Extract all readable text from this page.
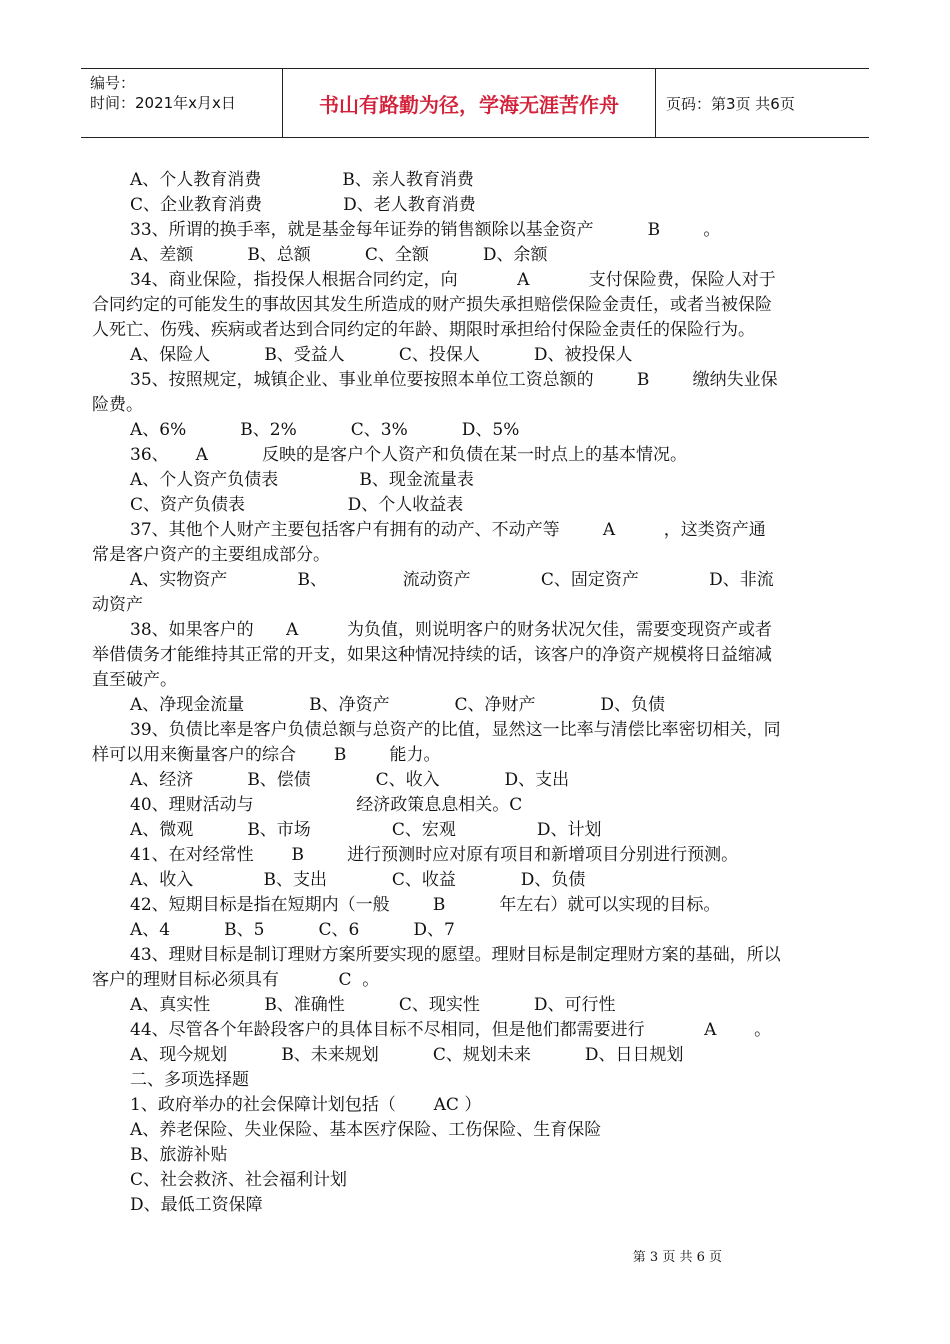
编号：
时间：2021年x月x日	书山有路勤为径，学海无涯苦作舟	页码：第3页 共6页
A、个人教育消费               B、亲人教育消费
C、企业教育消费               D、老人教育消费
33、所谓的换手率，就是基金每年证券的销售额除以基金资产          B        。
A、差额          B、总额          C、全额          D、余额
34、商业保险，指投保人根据合同约定，向           A           支付保险费，保险人对于
合同约定的可能发生的事故因其发生所造成的财产损失承担赔偿保险金责任，或者当被保险
人死亡、伤残、疾病或者达到合同约定的年龄、期限时承担给付保险金责任的保险行为。
A、保险人          B、受益人          C、投保人          D、被投保人
35、按照规定，城镇企业、事业单位要按照本单位工资总额的        B        缴纳失业保
险费。
A、6%          B、2%          C、3%          D、5%
36、     A          反映的是客户个人资产和负债在某一时点上的基本情况。
A、个人资产负债表               B、现金流量表
C、资产负债表                   D、个人收益表
37、其他个人财产主要包括客户有拥有的动产、不动产等        A         ，这类资产通
常是客户资产的主要组成部分。
A、实物资产             B、              流动资产             C、固定资产             D、非流
动资产
38、如果客户的      A         为负值，则说明客户的财务状况欠佳，需要变现资产或者
举借债务才能维持其正常的开支，如果这种情况持续的话，该客户的净资产规模将日益缩减
直至破产。
A、净现金流量            B、净资产            C、净财产            D、负债
39、负债比率是客户负债总额与总资产的比值，显然这一比率与清偿比率密切相关，同
样可以用来衡量客户的综合       B        能力。
A、经济          B、偿债            C、收入            D、支出
40、理财活动与                   经济政策息息相关。C
A、微观          B、市场               C、宏观               D、计划
41、在对经常性       B        进行预测时应对原有项目和新增项目分别进行预测。
A、收入             B、支出            C、收益            D、负债
42、短期目标是指在短期内（一般        B          年左右）就可以实现的目标。
A、4          B、5          C、6          D、7
43、理财目标是制订理财方案所要实现的愿望。理财目标是制定理财方案的基础，所以
客户的理财目标必须具有           C  。
A、真实性          B、准确性          C、现实性          D、可行性
44、尽管各个年龄段客户的具体目标不尽相同，但是他们都需要进行           A       。
A、现今规划          B、未来规划          C、规划未来          D、日日规划
二、多项选择题
1、政府举办的社会保障计划包括（       AC ）
A、养老保险、失业保险、基本医疗保险、工伤保险、生育保险
B、旅游补贴
C、社会救济、社会福利计划
D、最低工资保障
第 3 页 共 6 页
